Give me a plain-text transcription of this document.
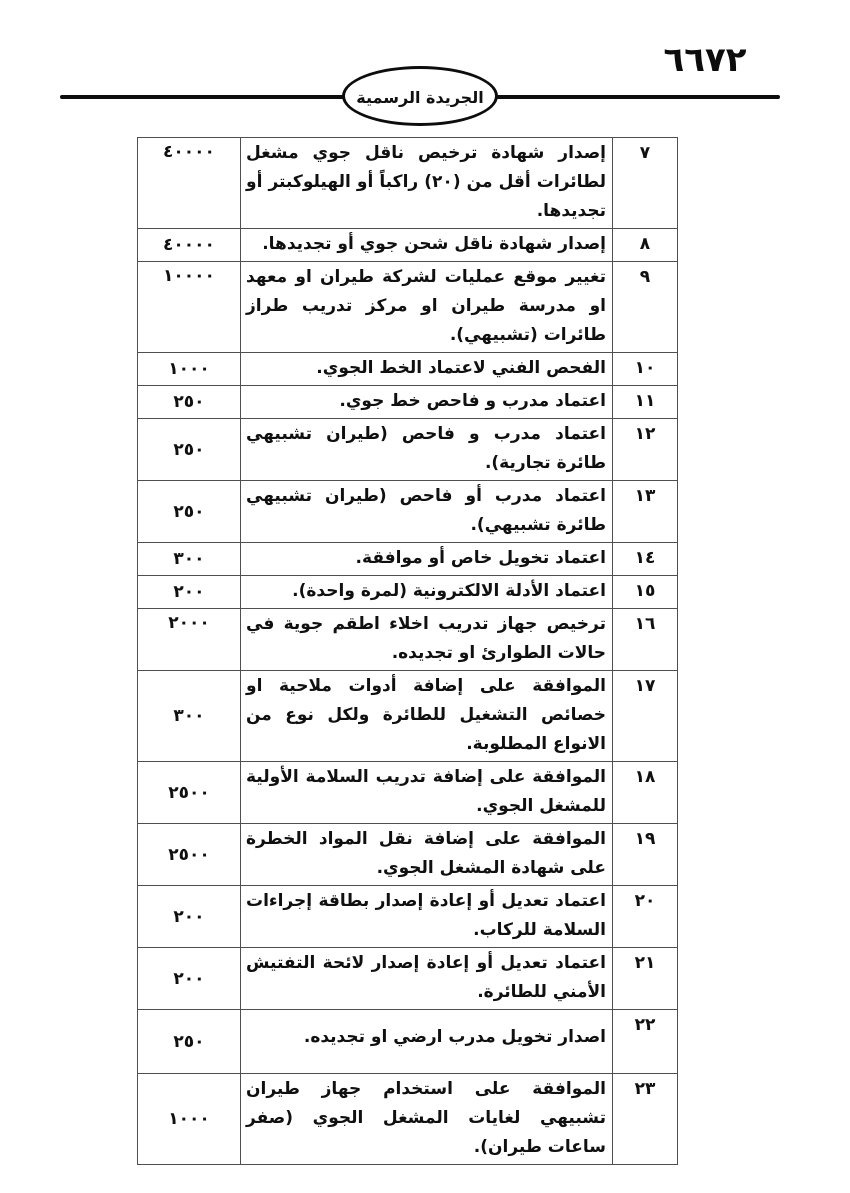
٦٦٧٢
الجريدة الرسمية
٧	إصدار شهادة ترخيص ناقل جوي مشغل لطائرات أقل من (٢٠) راكباً أو الهيلوكبتر أو تجديدها.	٤٠٠٠٠
٨	إصدار شهادة ناقل شحن جوي أو تجديدها.	٤٠٠٠٠
٩	تغيير موقع عمليات لشركة طيران او معهد او مدرسة طيران او مركز تدريب طراز طائرات (تشبيهي).	١٠٠٠٠
١٠	الفحص الفني لاعتماد الخط الجوي.	١٠٠٠
١١	اعتماد مدرب و فاحص خط جوي.	٢٥٠
١٢	اعتماد مدرب و فاحص (طيران تشبيهي طائرة تجارية).	٢٥٠
١٣	اعتماد مدرب أو فاحص (طيران تشبيهي طائرة تشبيهي).	٢٥٠
١٤	اعتماد تخويل خاص أو موافقة.	٣٠٠
١٥	اعتماد الأدلة الالكترونية (لمرة واحدة).	٢٠٠
١٦	ترخيص جهاز تدريب اخلاء اطقم جوية في حالات الطوارئ او تجديده.	٢٠٠٠
١٧	الموافقة على إضافة أدوات ملاحية او خصائص التشغيل للطائرة ولكل نوع من الانواع المطلوبة.	٣٠٠
١٨	الموافقة على إضافة تدريب السلامة الأولية للمشغل الجوي.	٢٥٠٠
١٩	الموافقة على إضافة نقل المواد الخطرة على شهادة المشغل الجوي.	٢٥٠٠
٢٠	اعتماد تعديل أو إعادة إصدار بطاقة إجراءات السلامة للركاب.	٢٠٠
٢١	اعتماد تعديل أو إعادة إصدار لائحة التفتيش الأمني للطائرة.	٢٠٠
٢٢	اصدار تخويل مدرب ارضي او تجديده.	٢٥٠
٢٣	الموافقة على استخدام جهاز طيران تشبيهي لغايات المشغل الجوي (صفر ساعات طيران).	١٠٠٠
